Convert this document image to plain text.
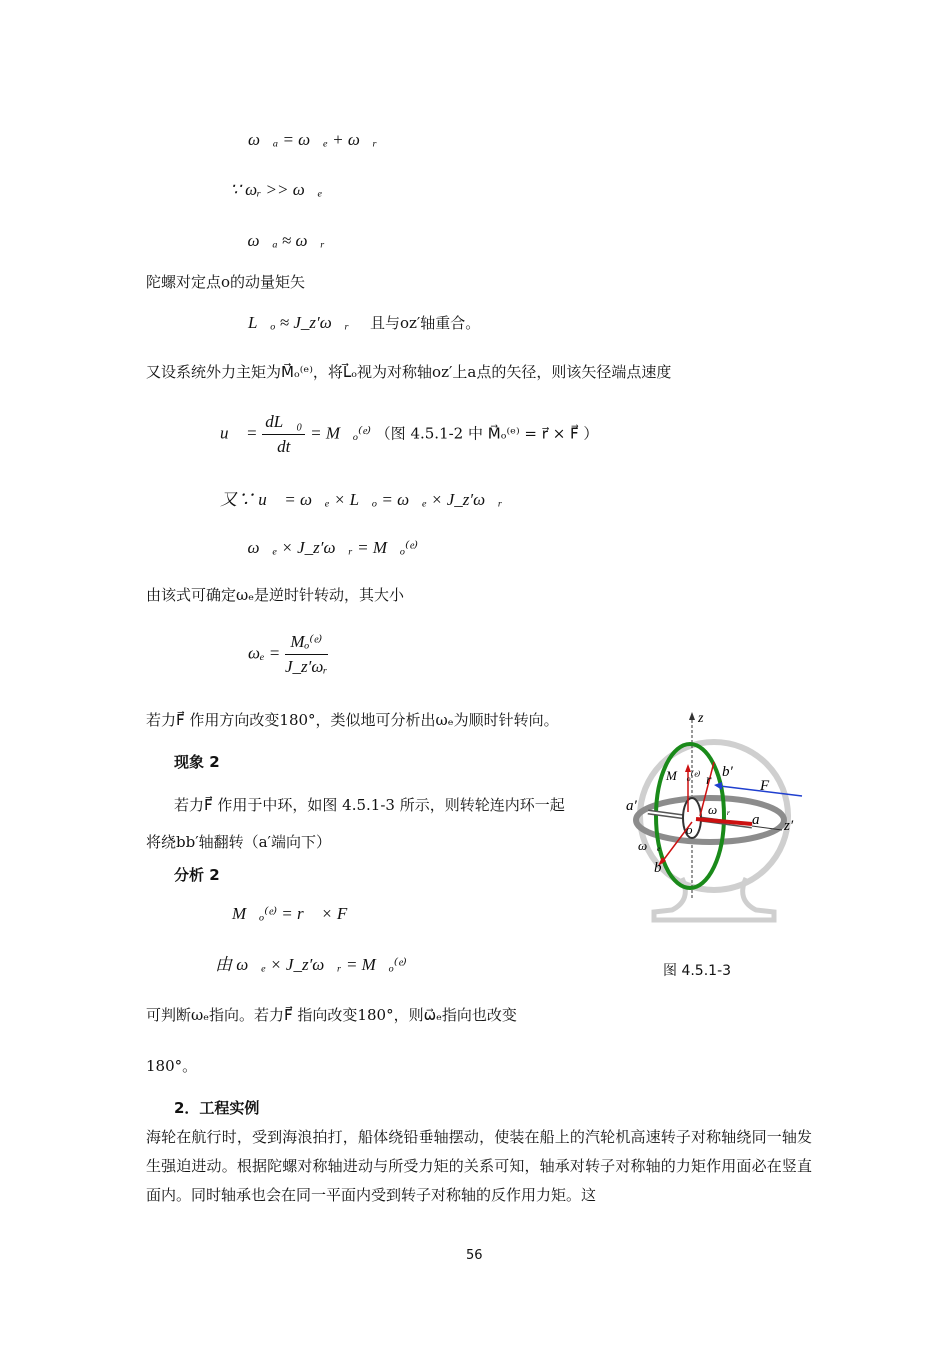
ω⃗ₐ = ω⃗ₑ + ω⃗ᵣ
∵ ωᵣ >> ω⃗ₑ
∴ ω⃗ₐ ≈ ω⃗ᵣ
陀螺对定点o的动量矩矢
L⃗ₒ ≈ J_z′ω⃗ᵣ 且与oz′轴重合。
又设系统外力主矩为M⃗ₒ⁽ᵉ⁾，将L⃗ₒ视为对称轴oz′上a点的矢径，则该矢径端点速度
u⃗ = $\frac{\text{dL⃗₀}}{dt}$ = M⃗ₒ⁽ᵉ⁾ （图 4.5.1-2 中 M⃗ₒ⁽ᵉ⁾ = r⃗ × F⃗ ）
又∵ u⃗ = ω⃗ₑ × L⃗ₒ = ω⃗ₑ × J_z′ω⃗ᵣ
∴ ω⃗ₑ × J_z′ω⃗ᵣ = M⃗ₒ⁽ᵉ⁾
由该式可确定ωₑ是逆时针转动，其大小
$\omega_e = \frac{\text{Mₒ⁽ᵉ⁾}}{\text{J\_z′ωᵣ}}$
若力F⃗ 作用方向改变180°，类似地可分析出ωₑ为顺时针转向。
现象 2
若力F⃗ 作用于中环，如图 4.5.1-3 所示，则转轮连内环一起
将绕bb′轴翻转（a′端向下）
分析 2
M⃗ₒ⁽ᵉ⁾ = r⃗ × F⃗
由 ω⃗ₑ × J_z′ω⃗ᵣ = M⃗ₒ⁽ᵉ⁾
可判断ωₑ指向。若力F⃗ 指向改变180°，则ω⃗ₑ指向也改变
180°。
2．工程实例
海轮在航行时，受到海浪拍打，船体绕铅垂轴摆动，使装在船上的汽轮机高速转子对称轴绕同一轴发生强迫进动。根据陀螺对称轴进动与所受力矩的关系可知，轴承对转子对称轴的力矩作用面必在竖直面内。同时轴承也会在同一平面内受到转子对称轴的反作用力矩。这
z
M⃗ₒ⁽ᵉ⁾ r⃗
b′
F⃗
a′	ω⃗ᵣ
a z′
o
ω⃗ₑ
b
图 4.5.1-3
56
